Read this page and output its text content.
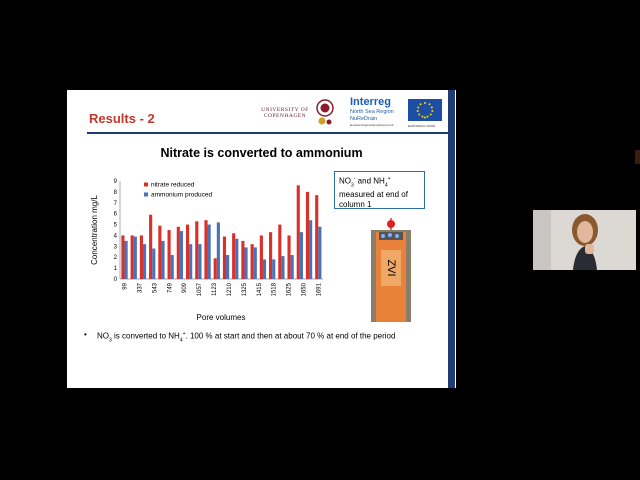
Results - 2
UNIVERSITY OF COPENHAGEN
Interreg
North Sea Region
NuReDrain
European Regional Development Fund	EUROPEAN UNION
Nitrate is converted to ammonium
0
1
2
3
4
5
6
7
8
9
99 337 543 749 909 1057 1123 1210 1325 1415 1518 1625 1650 1691
Concentration mg/L
Pore volumes
nitrate reduced
ammonium produced
$NO_3^-$ and $NH_4^+$
measured at end of
column 1
ZVI
•	$NO_3$ is converted to $NH_4^+$. 100 % at start and then at about 70 % at end of the period
